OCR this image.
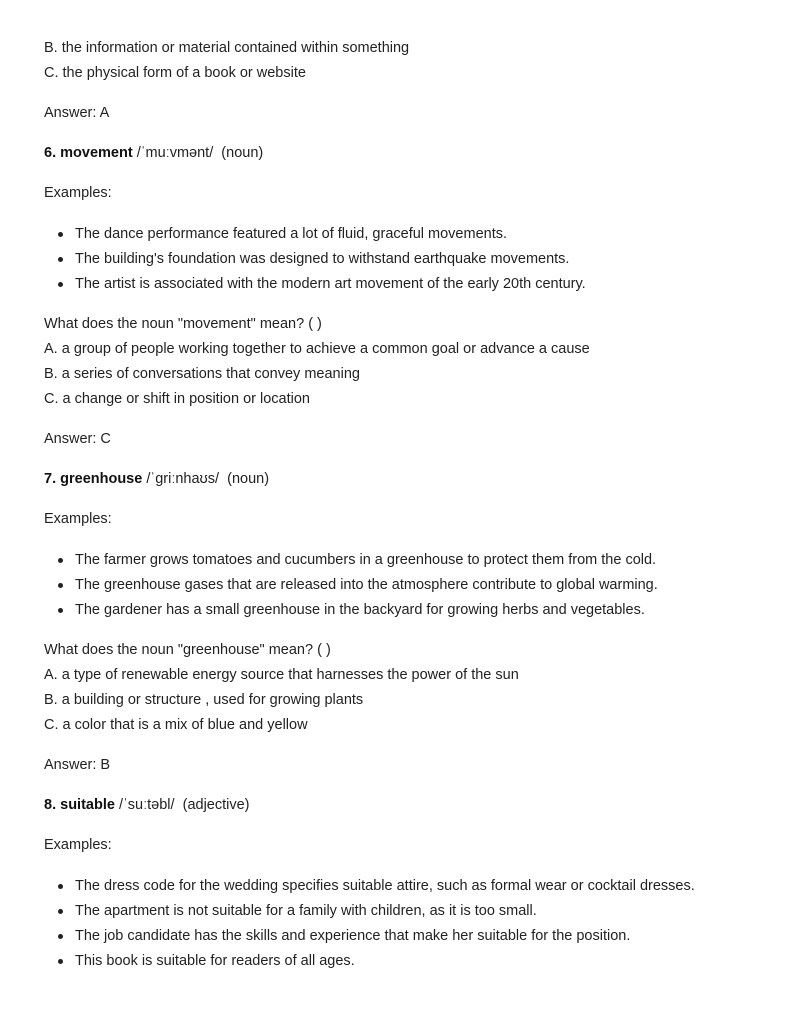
B. the information or material contained within something
C. the physical form of a book or website
Answer: A
6. movement /ˈmuːvmənt/ (noun)
Examples:
The dance performance featured a lot of fluid, graceful movements.
The building's foundation was designed to withstand earthquake movements.
The artist is associated with the modern art movement of the early 20th century.
What does the noun "movement" mean? ( )
A. a group of people working together to achieve a common goal or advance a cause
B. a series of conversations that convey meaning
C. a change or shift in position or location
Answer: C
7. greenhouse /ˈɡriːnhaʊs/ (noun)
Examples:
The farmer grows tomatoes and cucumbers in a greenhouse to protect them from the cold.
The greenhouse gases that are released into the atmosphere contribute to global warming.
The gardener has a small greenhouse in the backyard for growing herbs and vegetables.
What does the noun "greenhouse" mean? ( )
A. a type of renewable energy source that harnesses the power of the sun
B. a building or structure , used for growing plants
C. a color that is a mix of blue and yellow
Answer: B
8. suitable /ˈsuːtəbl/ (adjective)
Examples:
The dress code for the wedding specifies suitable attire, such as formal wear or cocktail dresses.
The apartment is not suitable for a family with children, as it is too small.
The job candidate has the skills and experience that make her suitable for the position.
This book is suitable for readers of all ages.
